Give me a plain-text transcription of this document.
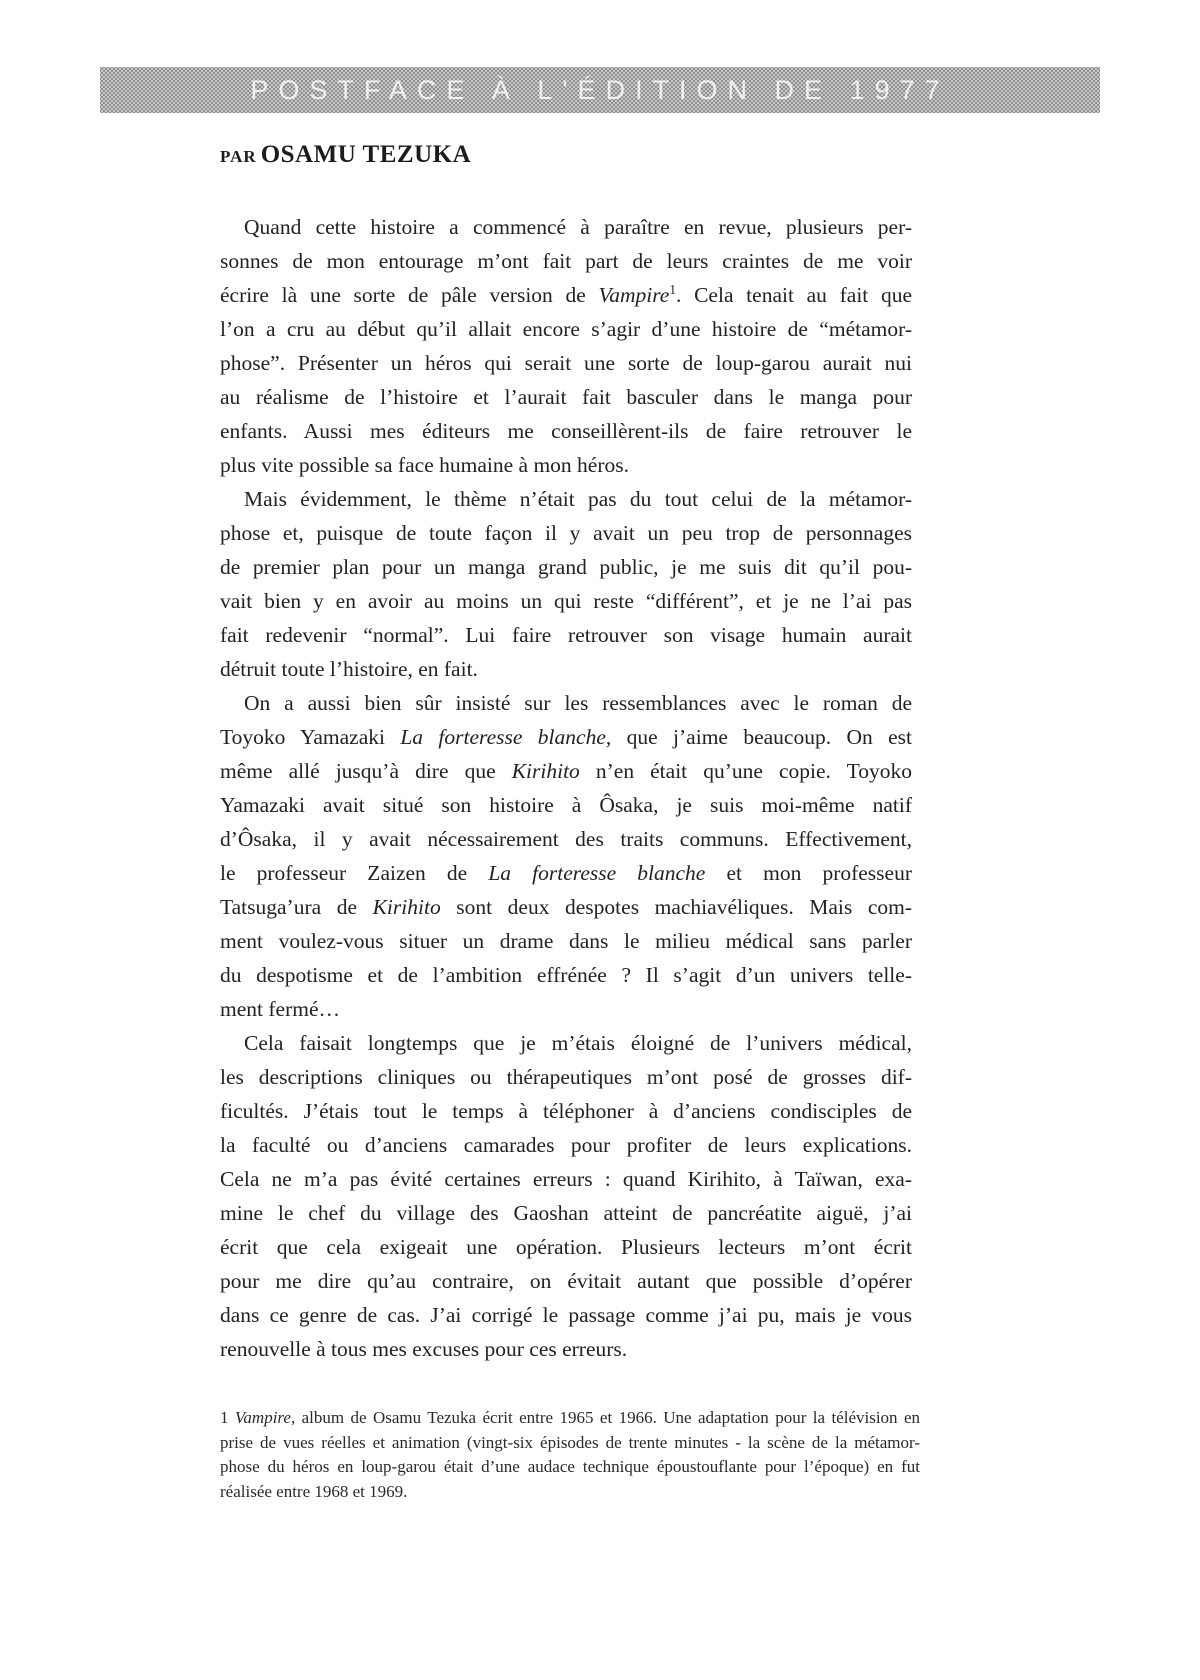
POSTFACE À L'ÉDITION DE 1977
PAR OSAMU TEZUKA
Quand cette histoire a commencé à paraître en revue, plusieurs per-
sonnes de mon entourage m’ont fait part de leurs craintes de me voir
écrire là une sorte de pâle version de Vampire$^1$. Cela tenait au fait que
l’on a cru au début qu’il allait encore s’agir d’une histoire de “métamor-
phose”. Présenter un héros qui serait une sorte de loup-garou aurait nui
au réalisme de l’histoire et l’aurait fait basculer dans le manga pour
enfants. Aussi mes éditeurs me conseillèrent-ils de faire retrouver le
plus vite possible sa face humaine à mon héros.
Mais évidemment, le thème n’était pas du tout celui de la métamor-
phose et, puisque de toute façon il y avait un peu trop de personnages
de premier plan pour un manga grand public, je me suis dit qu’il pou-
vait bien y en avoir au moins un qui reste “différent”, et je ne l’ai pas
fait redevenir “normal”. Lui faire retrouver son visage humain aurait
détruit toute l’histoire, en fait.
On a aussi bien sûr insisté sur les ressemblances avec le roman de
Toyoko Yamazaki La forteresse blanche, que j’aime beaucoup. On est
même allé jusqu’à dire que Kirihito n’en était qu’une copie. Toyoko
Yamazaki avait situé son histoire à Ôsaka, je suis moi-même natif
d’Ôsaka, il y avait nécessairement des traits communs. Effectivement,
le professeur Zaizen de La forteresse blanche et mon professeur
Tatsuga’ura de Kirihito sont deux despotes machiavéliques. Mais com-
ment voulez-vous situer un drame dans le milieu médical sans parler
du despotisme et de l’ambition effrénée ? Il s’agit d’un univers telle-
ment fermé…
Cela faisait longtemps que je m’étais éloigné de l’univers médical,
les descriptions cliniques ou thérapeutiques m’ont posé de grosses dif-
ficultés. J’étais tout le temps à téléphoner à d’anciens condisciples de
la faculté ou d’anciens camarades pour profiter de leurs explications.
Cela ne m’a pas évité certaines erreurs : quand Kirihito, à Taïwan, exa-
mine le chef du village des Gaoshan atteint de pancréatite aiguë, j’ai
écrit que cela exigeait une opération. Plusieurs lecteurs m’ont écrit
pour me dire qu’au contraire, on évitait autant que possible d’opérer
dans ce genre de cas. J’ai corrigé le passage comme j’ai pu, mais je vous
renouvelle à tous mes excuses pour ces erreurs.
1 Vampire, album de Osamu Tezuka écrit entre 1965 et 1966. Une adaptation pour la télévision en
prise de vues réelles et animation (vingt-six épisodes de trente minutes - la scène de la métamor-
phose du héros en loup-garou était d’une audace technique époustouflante pour l’époque) en fut
réalisée entre 1968 et 1969.
